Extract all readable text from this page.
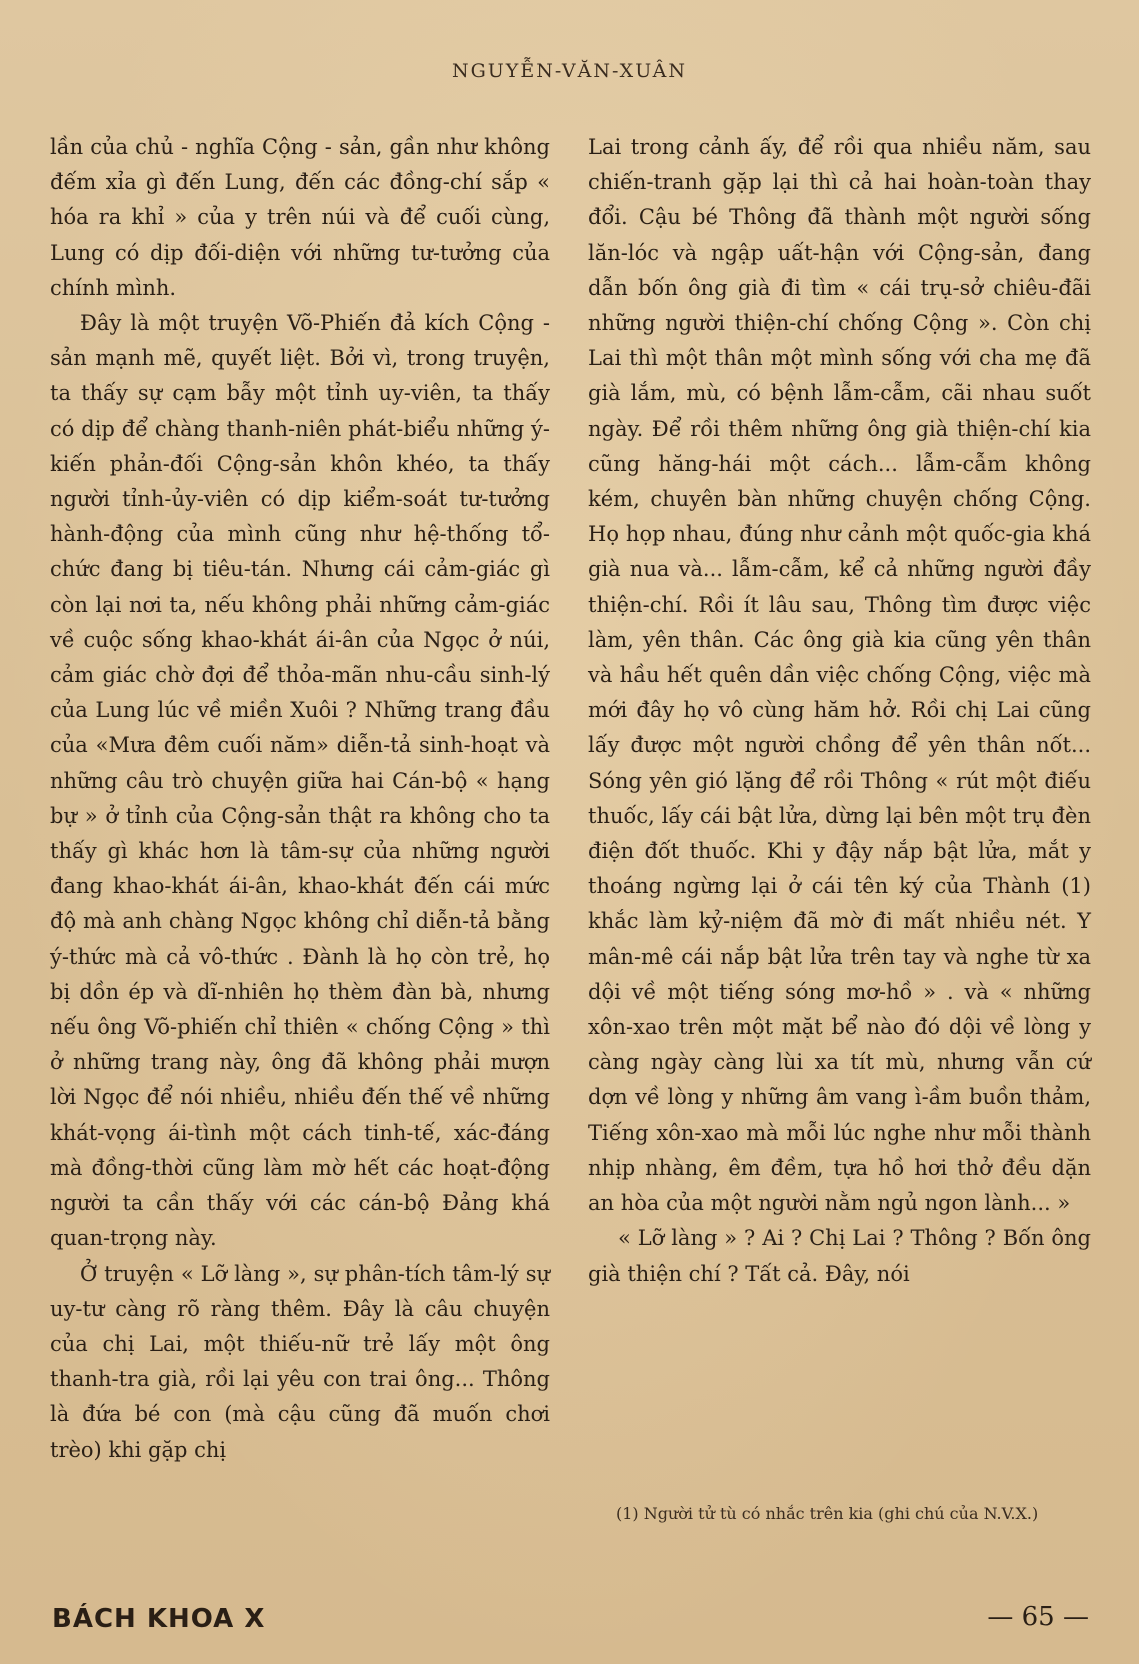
NGUYỄN-VĂN-XUÂN

lần của chủ - nghĩa Cộng - sản, gần như không đếm xỉa gì đến Lung, đến các đồng-chí sắp « hóa ra khỉ » của y trên núi và để cuối cùng, Lung có dịp đối-diện với những tư-tưởng của chính mình.

Đây là một truyện Võ-Phiến đả kích Cộng - sản mạnh mẽ, quyết liệt. Bởi vì, trong truyện, ta thấy sự cạm bẫy một tỉnh uy-viên, ta thấy có dịp để chàng thanh-niên phát-biểu những ý-kiến phản-đối Cộng-sản khôn khéo, ta thấy người tỉnh-ủy-viên có dịp kiểm-soát tư-tưởng hành-động của mình cũng như hệ-thống tổ-chức đang bị tiêu-tán. Nhưng cái cảm-giác gì còn lại nơi ta, nếu không phải những cảm-giác về cuộc sống khao-khát ái-ân của Ngọc ở núi, cảm giác chờ đợi để thỏa-mãn nhu-cầu sinh-lý của Lung lúc về miền Xuôi ? Những trang đầu của «Mưa đêm cuối năm» diễn-tả sinh-hoạt và những câu trò chuyện giữa hai Cán-bộ « hạng bự » ở tỉnh của Cộng-sản thật ra không cho ta thấy gì khác hơn là tâm-sự của những người đang khao-khát ái-ân, khao-khát đến cái mức độ mà anh chàng Ngọc không chỉ diễn-tả bằng ý-thức mà cả vô-thức . Đành là họ còn trẻ, họ bị dồn ép và dĩ-nhiên họ thèm đàn bà, nhưng nếu ông Võ-phiến chỉ thiên « chống Cộng » thì ở những trang này, ông đã không phải mượn lời Ngọc để nói nhiều, nhiều đến thế về những khát-vọng ái-tình một cách tinh-tế, xác-đáng mà đồng-thời cũng làm mờ hết các hoạt-động người ta cần thấy với các cán-bộ Đảng khá quan-trọng này.

Ở truyện « Lỡ làng », sự phân-tích tâm-lý sự uy-tư càng rõ ràng thêm. Đây là câu chuyện của chị Lai, một thiếu-nữ trẻ lấy một ông thanh-tra già, rồi lại yêu con trai ông... Thông là đứa bé con (mà cậu cũng đã muốn chơi trèo) khi gặp chị

Lai trong cảnh ấy, để rồi qua nhiều năm, sau chiến-tranh gặp lại thì cả hai hoàn-toàn thay đổi. Cậu bé Thông đã thành một người sống lăn-lóc và ngập uất-hận với Cộng-sản, đang dẫn bốn ông già đi tìm « cái trụ-sở chiêu-đãi những người thiện-chí chống Cộng ». Còn chị Lai thì một thân một mình sống với cha mẹ đã già lắm, mù, có bệnh lẫm-cẫm, cãi nhau suốt ngày. Để rồi thêm những ông già thiện-chí kia cũng hăng-hái một cách... lẫm-cẫm không kém, chuyên bàn những chuyện chống Cộng. Họ họp nhau, đúng như cảnh một quốc-gia khá già nua và... lẫm-cẫm, kể cả những người đầy thiện-chí. Rồi ít lâu sau, Thông tìm được việc làm, yên thân. Các ông già kia cũng yên thân và hầu hết quên dần việc chống Cộng, việc mà mới đây họ vô cùng hăm hở. Rồi chị Lai cũng lấy được một người chồng để yên thân nốt... Sóng yên gió lặng để rồi Thông « rút một điếu thuốc, lấy cái bật lửa, dừng lại bên một trụ đèn điện đốt thuốc. Khi y đậy nắp bật lửa, mắt y thoáng ngừng lại ở cái tên ký của Thành (1) khắc làm kỷ-niệm đã mờ đi mất nhiều nét. Y mân-mê cái nắp bật lửa trên tay và nghe từ xa dội về một tiếng sóng mơ-hồ » . và « những xôn-xao trên một mặt bể nào đó dội về lòng y càng ngày càng lùi xa tít mù, nhưng vẫn cứ dợn về lòng y những âm vang ì-ầm buồn thảm, Tiếng xôn-xao mà mỗi lúc nghe như mỗi thành nhịp nhàng, êm đềm, tựa hồ hơi thở đều dặn an hòa của một người nằm ngủ ngon lành... »

« Lỡ làng » ? Ai ? Chị Lai ? Thông ? Bốn ông già thiện chí ? Tất cả. Đây, nói

(1) Người tử tù có nhắc trên kia (ghi chú của N.V.X.)
BÁCH KHOA X	— 65 —
